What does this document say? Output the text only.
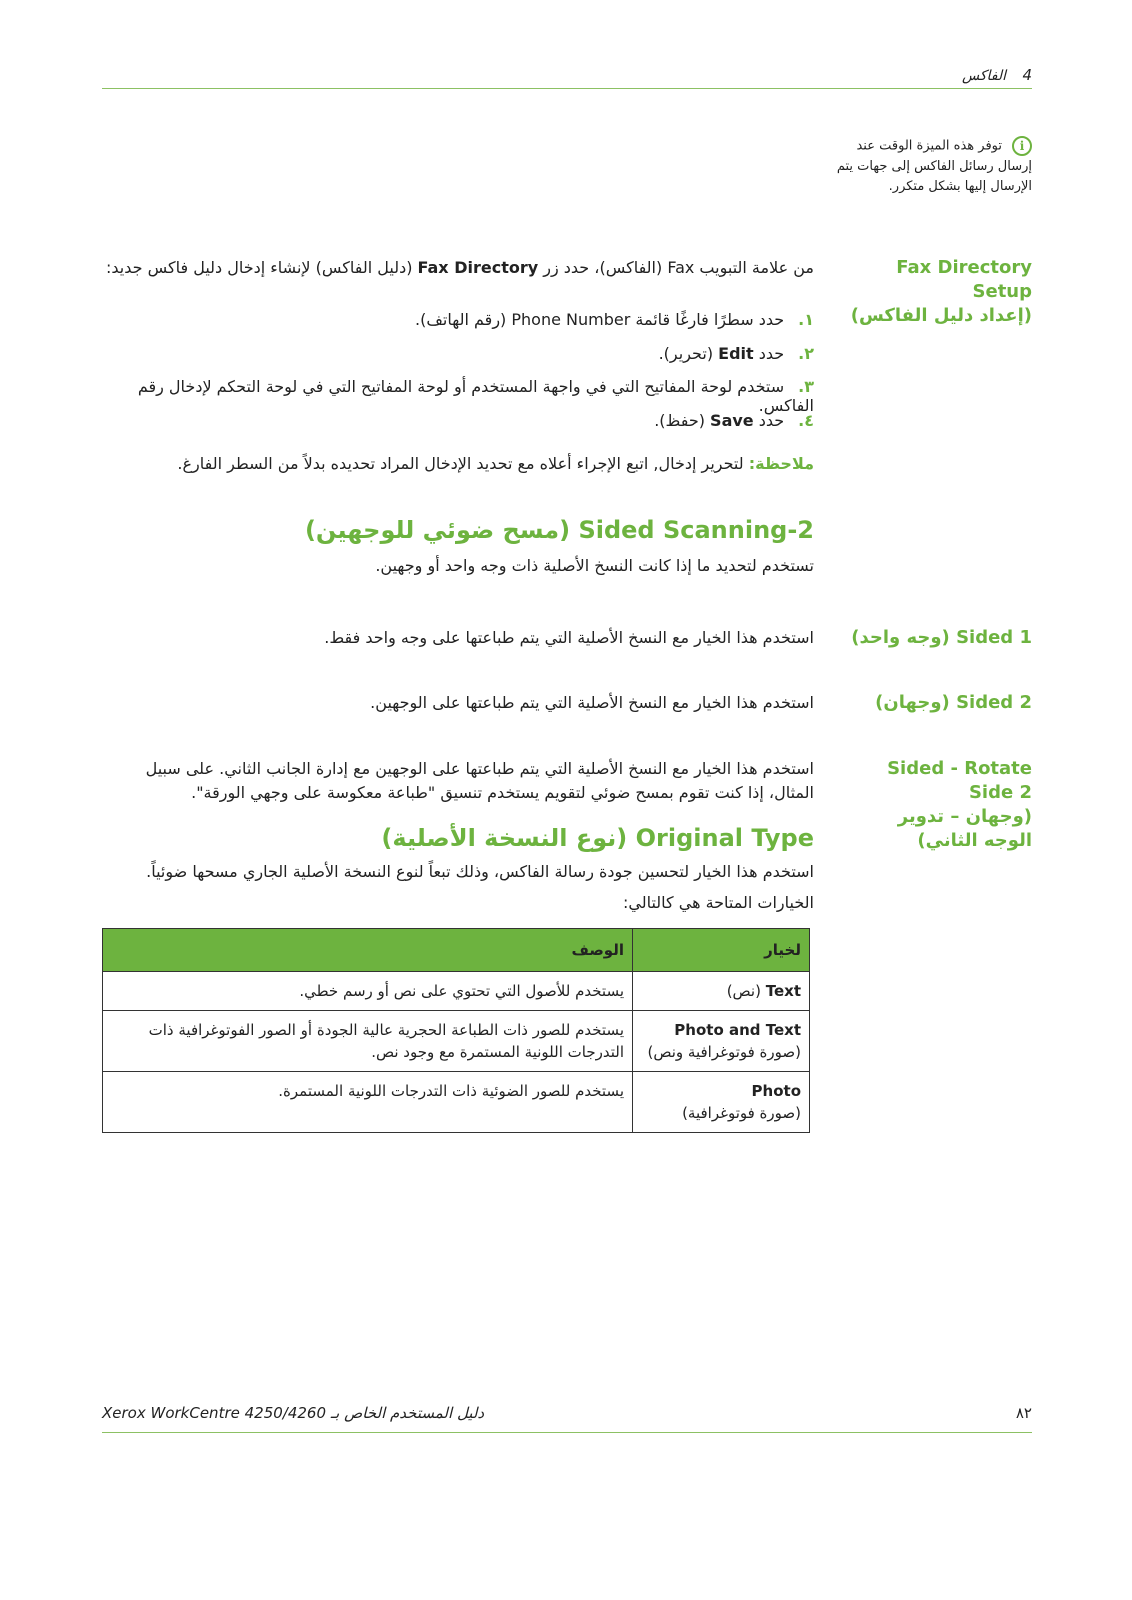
4 الفاكس
iتوفر هذه الميزة الوقت عند إرسال رسائل الفاكس إلى جهات يتم الإرسال إليها بشكل متكرر.
Fax Directory Setup
(إعداد دليل الفاكس)
من علامة التبويب Fax (الفاكس)، حدد زر Fax Directory (دليل الفاكس) لإنشاء إدخال دليل فاكس جديد:
١.حدد سطرًا فارغًا قائمة Phone Number (رقم الهاتف).
٢.حدد Edit (تحرير).
٣.ستخدم لوحة المفاتيح التي في واجهة المستخدم أو لوحة المفاتيح التي في لوحة التحكم لإدخال رقم الفاكس.
٤.حدد Save (حفظ).
ملاحظة: لتحرير إدخال, اتبع الإجراء أعلاه مع تحديد الإدخال المراد تحديده بدلاً من السطر الفارغ.
2-Sided Scanning (مسح ضوئي للوجهين)
تستخدم لتحديد ما إذا كانت النسخ الأصلية ذات وجه واحد أو وجهين.
1 Sided (وجه واحد)
استخدم هذا الخيار مع النسخ الأصلية التي يتم طباعتها على وجه واحد فقط.
2 Sided (وجهان)
استخدم هذا الخيار مع النسخ الأصلية التي يتم طباعتها على الوجهين.
Sided - Rotate Side 2
(وجهان – تدوير الوجه الثاني)
استخدم هذا الخيار مع النسخ الأصلية التي يتم طباعتها على الوجهين مع إدارة الجانب الثاني. على سبيل المثال، إذا كنت تقوم بمسح ضوئي لتقويم يستخدم تنسيق "طباعة معكوسة على وجهي الورقة".
Original Type (نوع النسخة الأصلية)
استخدم هذا الخيار لتحسين جودة رسالة الفاكس، وذلك تبعاً لنوع النسخة الأصلية الجاري مسحها ضوئياً.
الخيارات المتاحة هي كالتالي:
لخيار	الوصف
Text (نص)	يستخدم للأصول التي تحتوي على نص أو رسم خطي.

Photo and Text
(صورة فوتوغرافية ونص)	يستخدم للصور ذات الطباعة الحجرية عالية الجودة أو الصور الفوتوغرافية ذات التدرجات اللونية المستمرة مع وجود نص.

Photo
(صورة فوتوغرافية)	يستخدم للصور الضوئية ذات التدرجات اللونية المستمرة.
Xerox WorkCentre 4250/4260 دليل المستخدم الخاص بـ	٨٢
